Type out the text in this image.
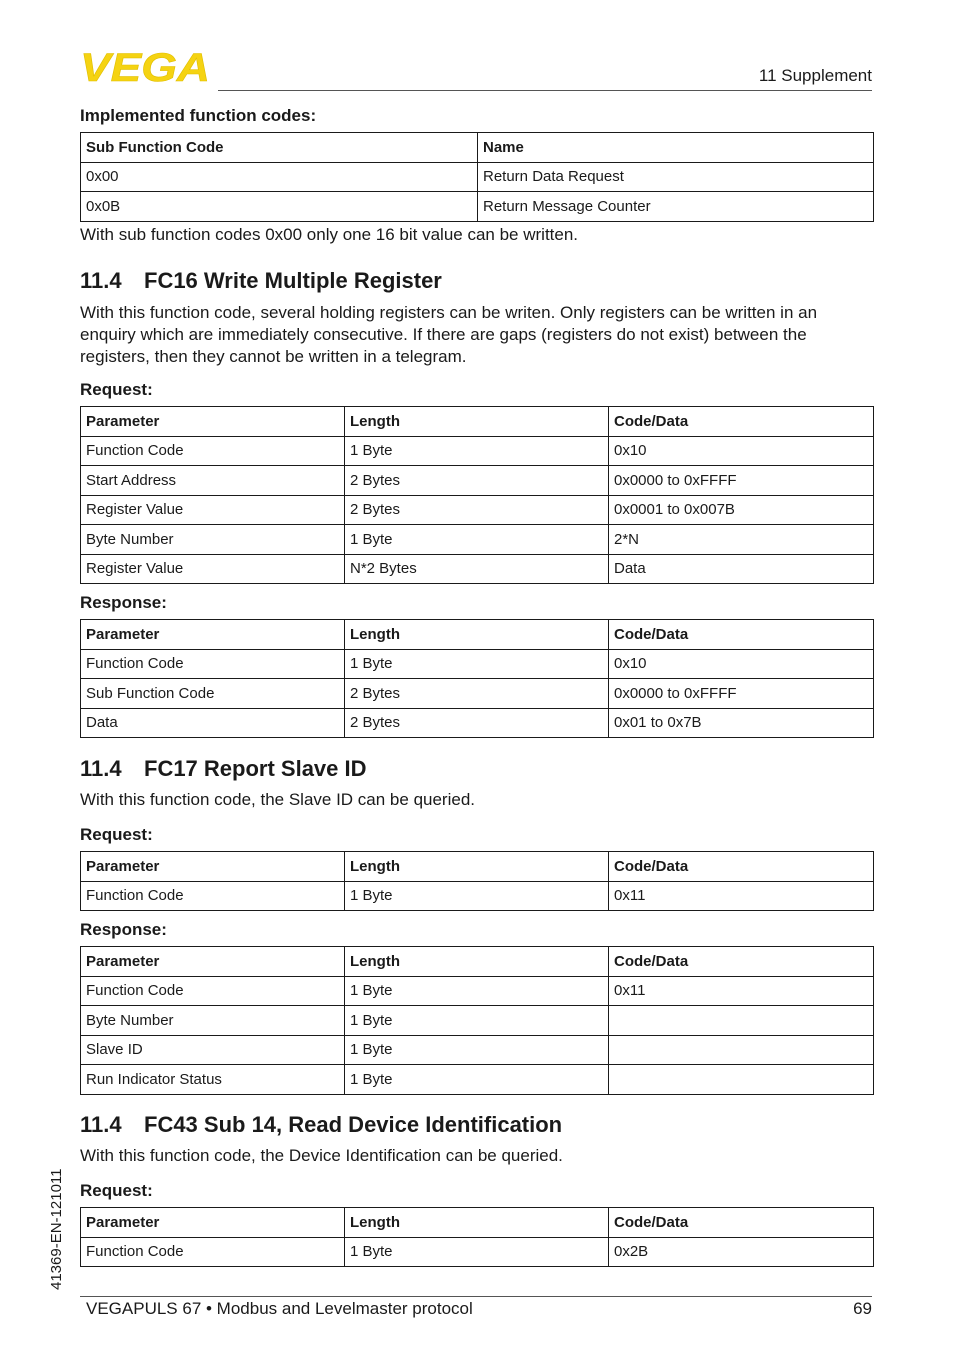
VEGA	11 Supplement
Implemented function codes:
Sub Function Code	Name
0x00	Return Data Request
0x0B	Return Message Counter
With sub function codes 0x00 only one 16 bit value can be written.
11.4 FC16 Write Multiple Register
With this function code, several holding registers can be writen. Only registers can be written in an
enquiry which are immediately consecutive. If there are gaps (registers do not exist) between the
registers, then they cannot be written in a telegram.
Request:
Parameter	Length	Code/Data
Function Code	1 Byte	0x10
Start Address	2 Bytes	0x0000 to 0xFFFF
Register Value	2 Bytes	0x0001 to 0x007B
Byte Number	1 Byte	2*N
Register Value	N*2 Bytes	Data
Response:
Parameter	Length	Code/Data
Function Code	1 Byte	0x10
Sub Function Code	2 Bytes	0x0000 to 0xFFFF
Data	2 Bytes	0x01 to 0x7B
11.4 FC17 Report Slave ID
With this function code, the Slave ID can be queried.
Request:
Parameter	Length	Code/Data
Function Code	1 Byte	0x11
Response:
Parameter	Length	Code/Data
Function Code	1 Byte	0x11
Byte Number	1 Byte	
Slave ID	1 Byte	
Run Indicator Status	1 Byte	
11.4 FC43 Sub 14, Read Device Identification
With this function code, the Device Identification can be queried.
Request:
Parameter	Length	Code/Data
Function Code	1 Byte	0x2B
41369-EN-121011
VEGAPULS 67 • Modbus and Levelmaster protocol	69
